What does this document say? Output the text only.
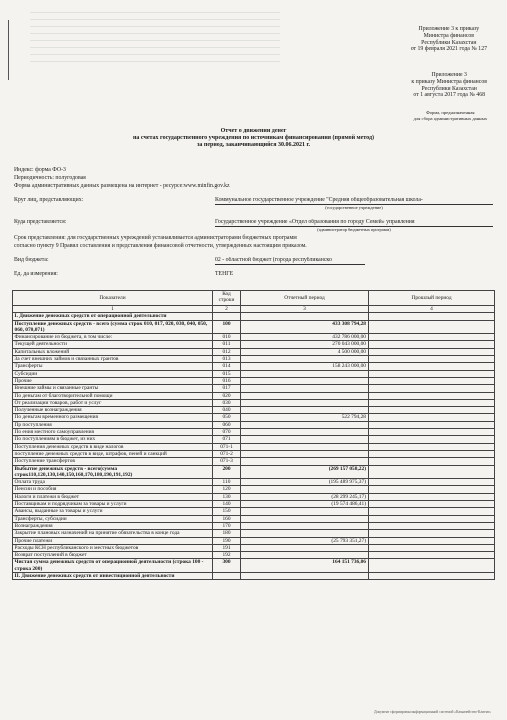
Приложение 3 к приказу
Министра финансов
Республики Казахстан
от 19 февраля 2021 года № 127
Приложение 3
к приказу Министра финансов
Республики Казахстан
от 1 августа 2017 года № 468
Форма, предназначенная
для сбора административных данных
Отчет о движении денег
на счетах государственного учреждения по источникам финансирования (прямой метод)
за период, заканчивающийся 30.06.2021 г.
Индекс: форма ФО-3
Периодичность: полугодовая
Форма административных данных размещена на интернет - ресурсе:www.minfin.gov.kz
Круг лиц, представляющих:	Коммунальное государственное учреждение "Средняя общеобразовательная школа-
(государственное учреждение)
Куда представляется:	Государственное учреждение «Отдел образования по городу Семей» управления
(администратор бюджетных программ)
Срок представления: для государственных учреждений устанавливается администраторами бюджетных программ
согласно пункту 9 Правил составления и представления финансовой отчетности, утвержденных настоящим приказом.
Вид бюджета:	02 - областной бюджет (города республиканско
Ед. да измерения:	ТЕНГЕ
Показатели	Код строки	Отчетный период	Прошлый период
1	2	3	4
I. Движение денежных средств от операционной деятельности			
Поступление денежных средств - всего (сумма строк 010, 017, 020, 030, 040, 050, 060, 070,071)	100	433 308 794,28	
Финансирование из бюджета, в том числе:	010	432 786 000,00	
Текущей деятельности	011	270 043 000,00	
Капитальных вложений	012	4 500 000,00	
За счет внешних займов и связанных грантов	013		
Трансферты	014	158 243 000,00	
Субсидии	015		
Прочие	016		
Внешние займы и связанные гранты	017		
По деньгам от благотворительной помощи	020		
От реализации товаров, работ и услуг	030		
Полученные вознаграждения	040		
По деньгам временного размещения	050	522 794,28	
Пр поступления	060		
По ения местного самоуправления	070		
По поступлениям в бюджет, из них	071		
Поступления денежных средств в виде налогов	071-1		
поступление денежных средств в виде, штрафов, пеней и санкций	071-2		
Поступление трансфертов	071-3		
Выбытие денежных средств - всего(сумма строк110,120,130,140,150,160,170,180,190,191,192)	200	(269 157 058,22)	
Оплата труда	110	(195 489 975,37)	
Пенсии и пособия	120		
Налоги и платежи в бюджет	130	(28 299 245,17)	
Поставщикам и подрядчикам за товары и услуги	140	(19 574 486,41)	
Авансы, выданные за товары и услуги	150		
Трансферты, субсидии	160		
Вознаграждения	170		
Закрытие плановых назначений на принятие обязательства в конце года	180		
Прочие платежи	190	(25 793 351,27)	
Расходы КСН республиканского и местных бюджетов	191		
Возврат поступлений в бюджет	192		
Чистая сумма денежных средств от операционной деятельности (строка 100 - строка 200)	300	164 151 736,06	
II. Движение денежных средств от инвестиционной деятельности			
Документ сформирован информационной системой «Казначейство-Клиент»
